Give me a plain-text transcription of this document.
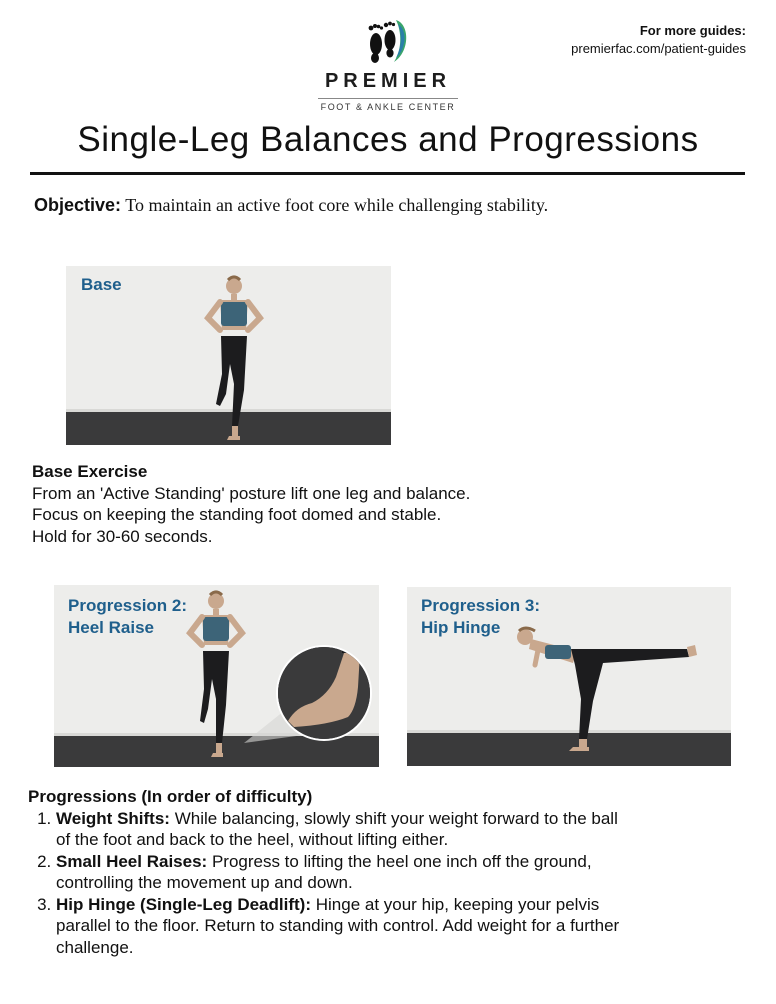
PREMIER
FOOT & ANKLE CENTER
For more guides:
premierfac.com/patient-guides
Single-Leg Balances and Progressions
Objective: To maintain an active foot core while challenging stability.
Base
Base Exercise
From an 'Active Standing' posture lift one leg and balance.
Focus on keeping the standing foot domed and stable.
Hold for 30-60 seconds.
Progression 2:
Heel Raise
Progression 3:
Hip Hinge
Progressions (In order of difficulty)
1. Weight Shifts: While balancing, slowly shift your weight forward to the ball of the foot and back to the heel, without lifting either.
2. Small Heel Raises: Progress to lifting the heel one inch off the ground, controlling the movement up and down.
3. Hip Hinge (Single-Leg Deadlift): Hinge at your hip, keeping your pelvis parallel to the floor. Return to standing with control. Add weight for a further challenge.
